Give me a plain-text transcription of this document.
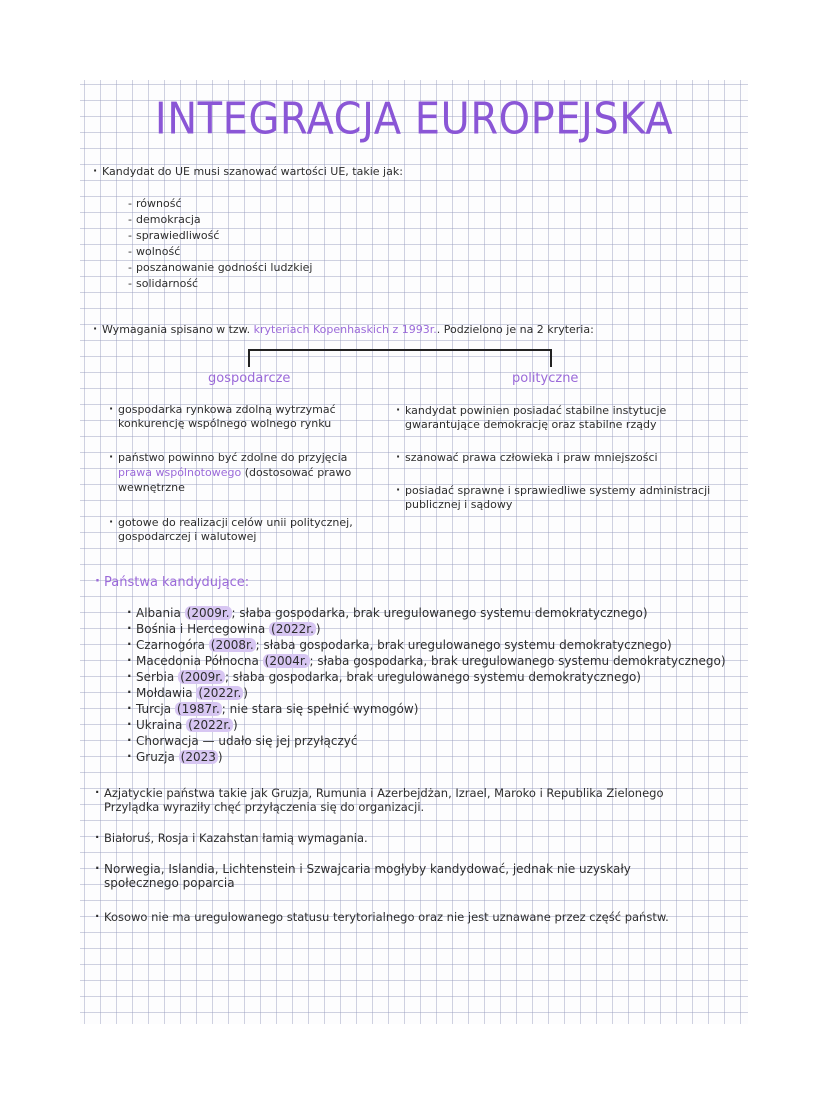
INTEGRACJA EUROPEJSKA
· Kandydat do UE musi szanować wartości UE, takie jak:
- równość
- demokracja
- sprawiedliwość
- wolność
- poszanowanie godności ludzkiej
- solidarność
· Wymagania spisano w tzw. kryteriach Kopenhaskich z 1993r.. Podzielono je na 2 kryteria:
gospodarcze	polityczne
· gospodarka rynkowa zdolną wytrzymać
konkurencję wspólnego wolnego rynku
· państwo powinno być zdolne do przyjęcia
prawa wspólnotowego (dostosować prawo
wewnętrzne
· gotowe do realizacji celów unii politycznej,
gospodarczej i walutowej
· kandydat powinien posiadać stabilne instytucje
gwarantujące demokrację oraz stabilne rządy
· szanować prawa człowieka i praw mniejszości
· posiadać sprawne i sprawiedliwe systemy administracji
publicznej i sądowy
· Państwa kandydujące:
· Albania (2009r. ; słaba gospodarka, brak uregulowanego systemu demokratycznego)
· Bośnia i Hercegowina (2022r. )
· Czarnogóra (2008r. ; słaba gospodarka, brak uregulowanego systemu demokratycznego)
· Macedonia Północna (2004r. ; słaba gospodarka, brak uregulowanego systemu demokratycznego)
· Serbia (2009r. ; słaba gospodarka, brak uregulowanego systemu demokratycznego)
· Mołdawia (2022r. )
· Turcja (1987r. ; nie stara się spełnić wymogów)
· Ukraina (2022r. )
· Chorwacja — udało się jej przyłączyć
· Gruzja (2023 )
· Azjatyckie państwa takie jak Gruzja, Rumunia i Azerbejdżan, Izrael, Maroko i Republika Zielonego
Przylądka wyraziły chęć przyłączenia się do organizacji.
· Białoruś, Rosja i Kazahstan łamią wymagania.
· Norwegia, Islandia, Lichtenstein i Szwajcaria mogłyby kandydować, jednak nie uzyskały
społecznego poparcia
· Kosowo nie ma uregulowanego statusu terytorialnego oraz nie jest uznawane przez część państw.
